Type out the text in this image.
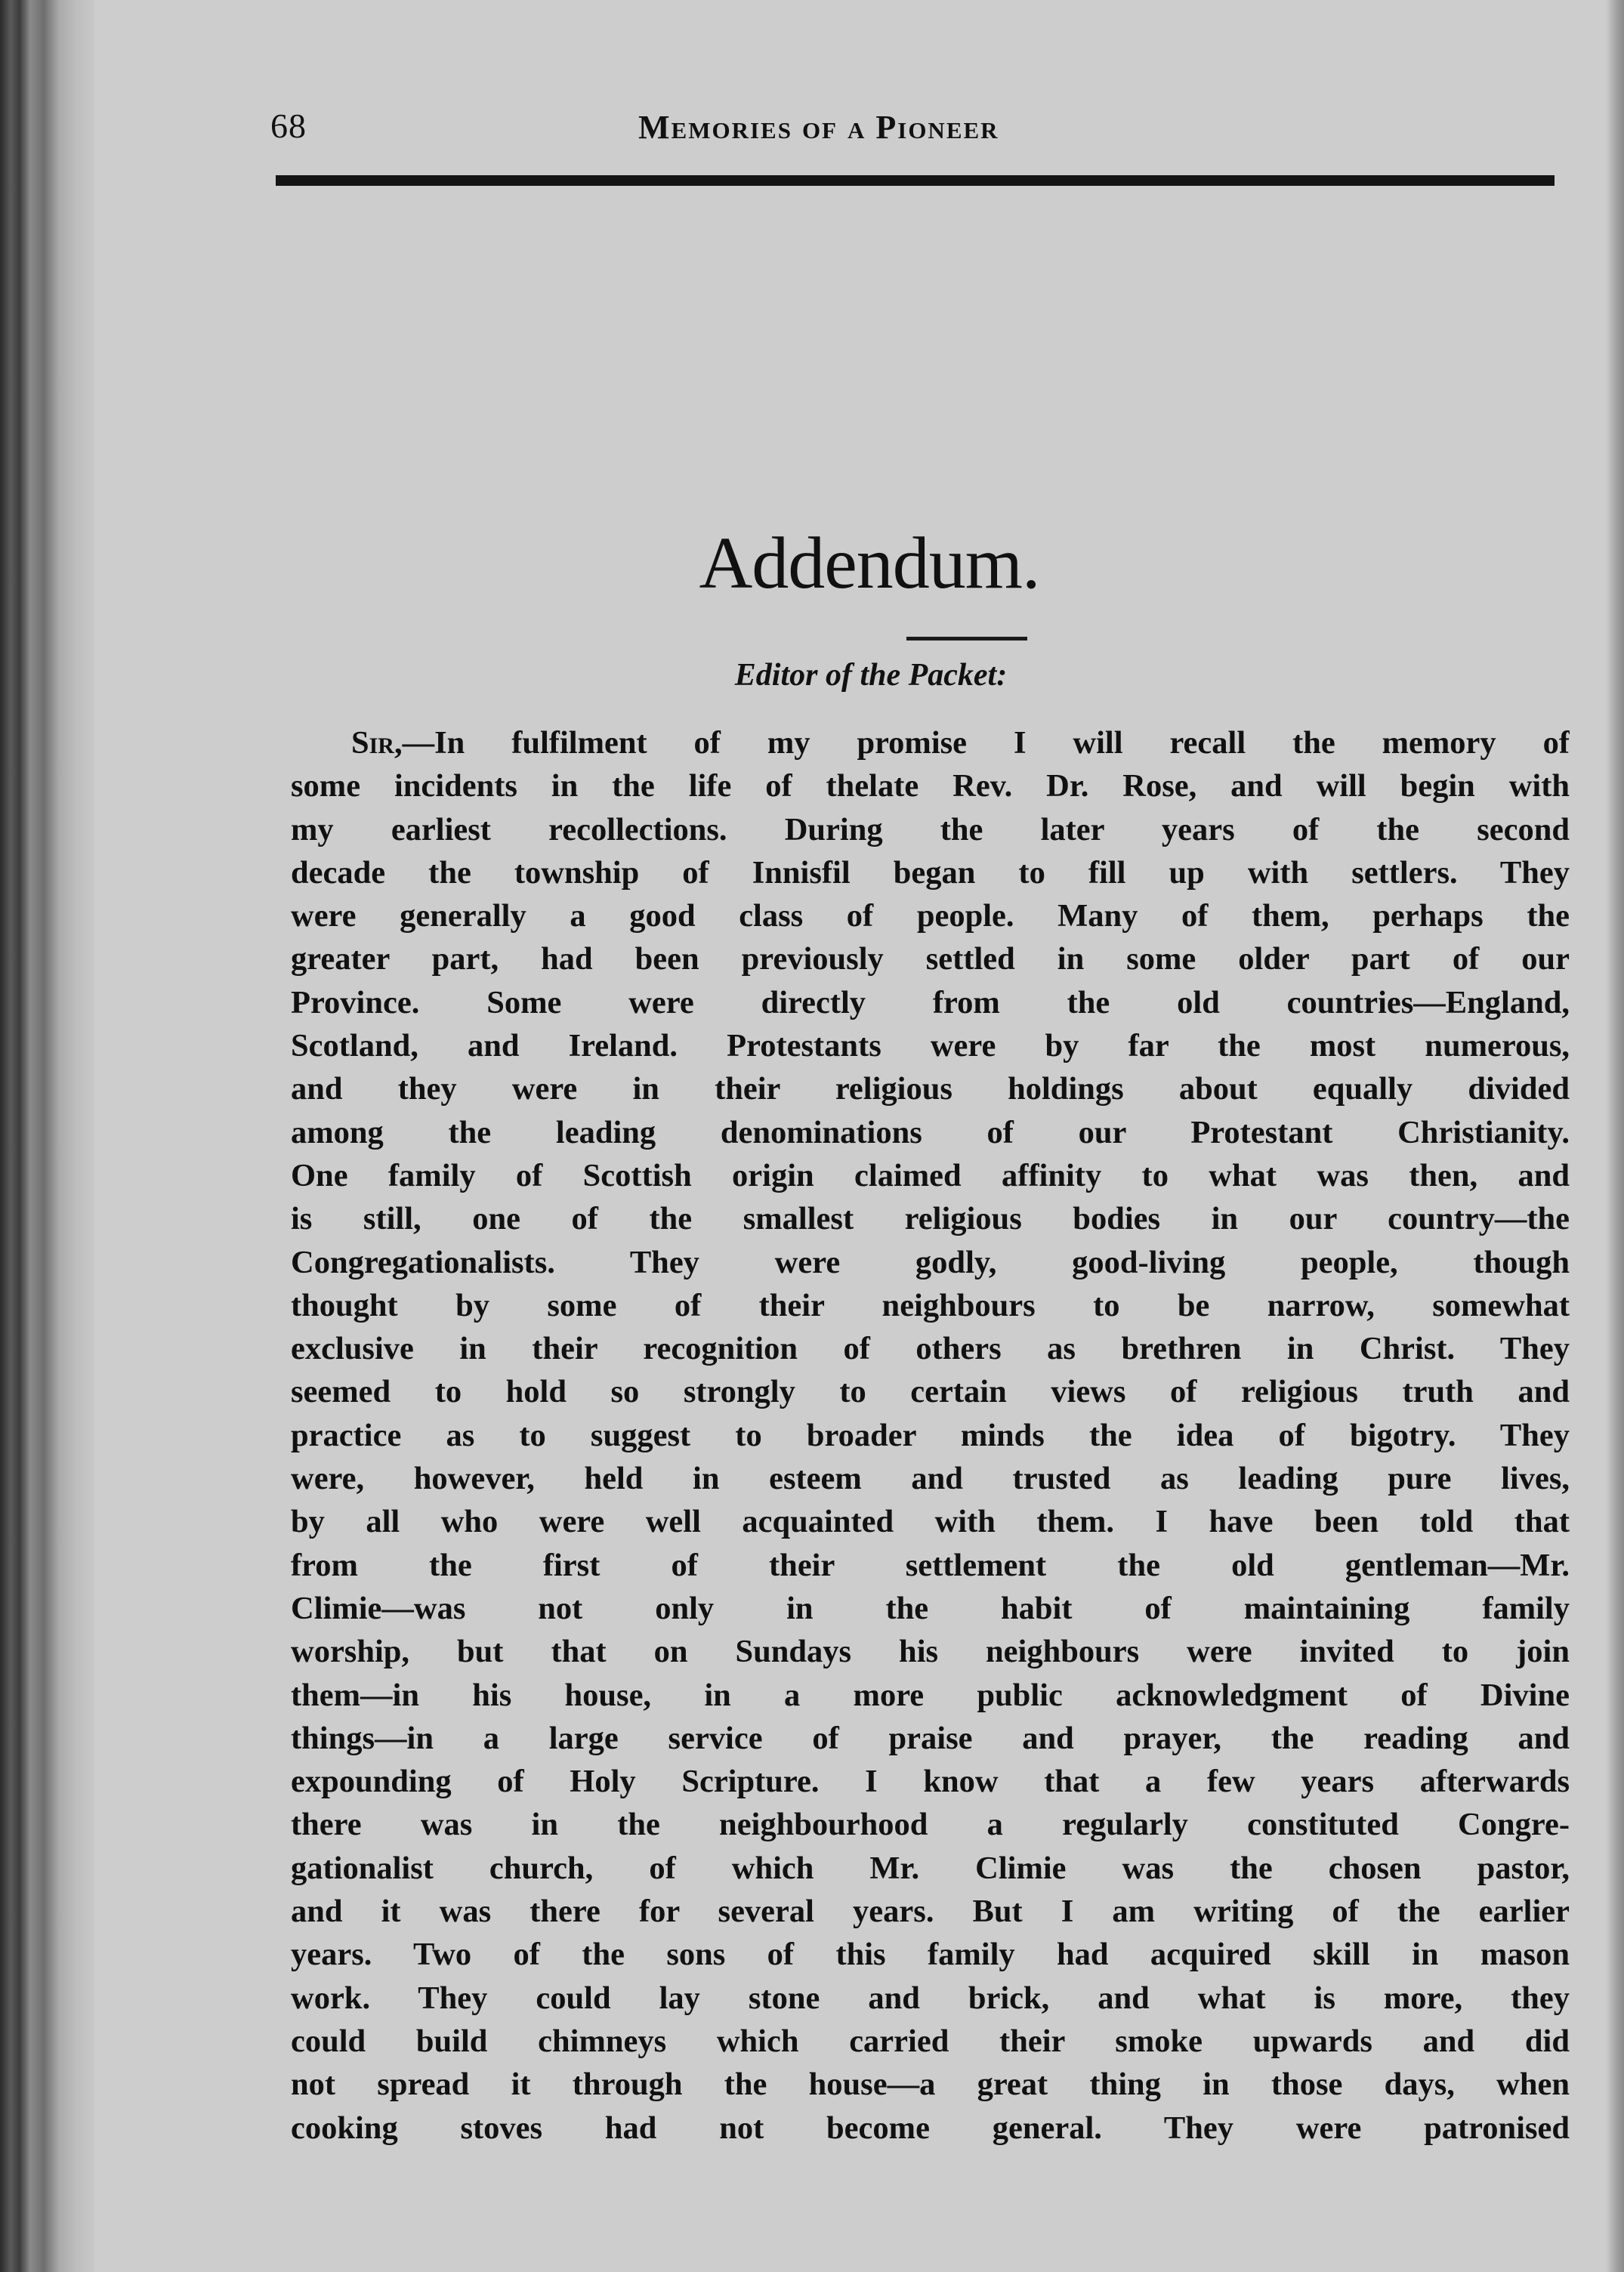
68	Memories of a Pioneer
Addendum.
Editor of the Packet:
Sir,—In fulfilment of my promise I will recall the memory of
some incidents in the life of thelate Rev. Dr. Rose, and will begin with
my earliest recollections. During the later years of the second
decade the township of Innisfil began to fill up with settlers. They
were generally a good class of people. Many of them, perhaps the
greater part, had been previously settled in some older part of our
Province. Some were directly from the old countries—England,
Scotland, and Ireland. Protestants were by far the most numerous,
and they were in their religious holdings about equally divided
among the leading denominations of our Protestant Christianity.
One family of Scottish origin claimed affinity to what was then, and
is still, one of the smallest religious bodies in our country—the
Congregationalists. They were godly, good-living people, though
thought by some of their neighbours to be narrow, somewhat
exclusive in their recognition of others as brethren in Christ. They
seemed to hold so strongly to certain views of religious truth and
practice as to suggest to broader minds the idea of bigotry. They
were, however, held in esteem and trusted as leading pure lives,
by all who were well acquainted with them. I have been told that
from the first of their settlement the old gentleman—Mr.
Climie—was not only in the habit of maintaining family
worship, but that on Sundays his neighbours were invited to join
them—in his house, in a more public acknowledgment of Divine
things—in a large service of praise and prayer, the reading and
expounding of Holy Scripture. I know that a few years afterwards
there was in the neighbourhood a regularly constituted Congre-
gationalist church, of which Mr. Climie was the chosen pastor,
and it was there for several years. But I am writing of the earlier
years. Two of the sons of this family had acquired skill in mason
work. They could lay stone and brick, and what is more, they
could build chimneys which carried their smoke upwards and did
not spread it through the house—a great thing in those days, when
cooking stoves had not become general. They were patronised
